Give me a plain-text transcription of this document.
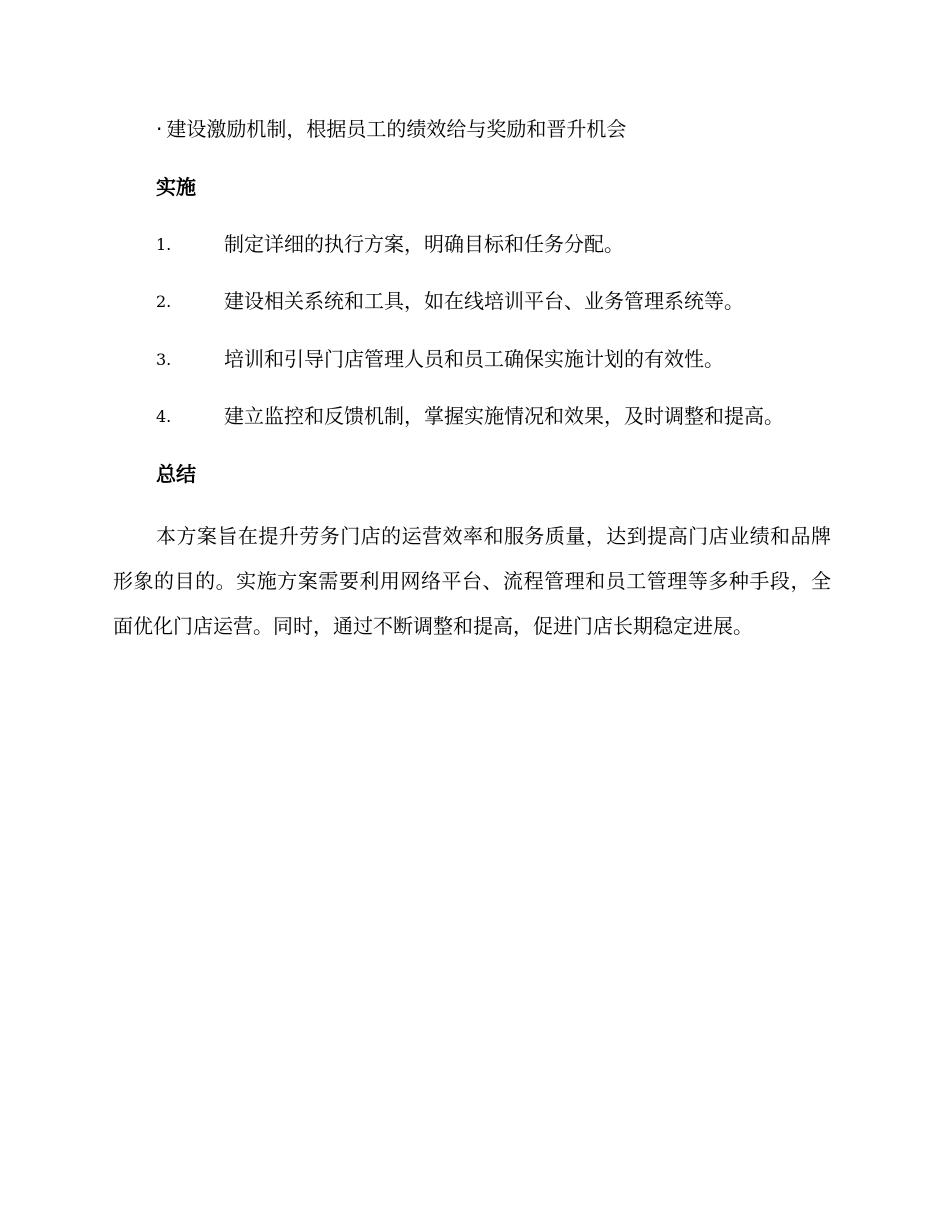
· 建设激励机制，根据员工的绩效给与奖励和晋升机会
实施
1.	制定详细的执行方案，明确目标和任务分配。
2.	建设相关系统和工具，如在线培训平台、业务管理系统等。
3.	培训和引导门店管理人员和员工确保实施计划的有效性。
4.	建立监控和反馈机制，掌握实施情况和效果，及时调整和提高。
总结

本方案旨在提升劳务门店的运营效率和服务质量，达到提高门店业绩和品牌形象的目的。实施方案需要利用网络平台、流程管理和员工管理等多种手段，全面优化门店运营。同时，通过不断调整和提高，促进门店长期稳定进展。
